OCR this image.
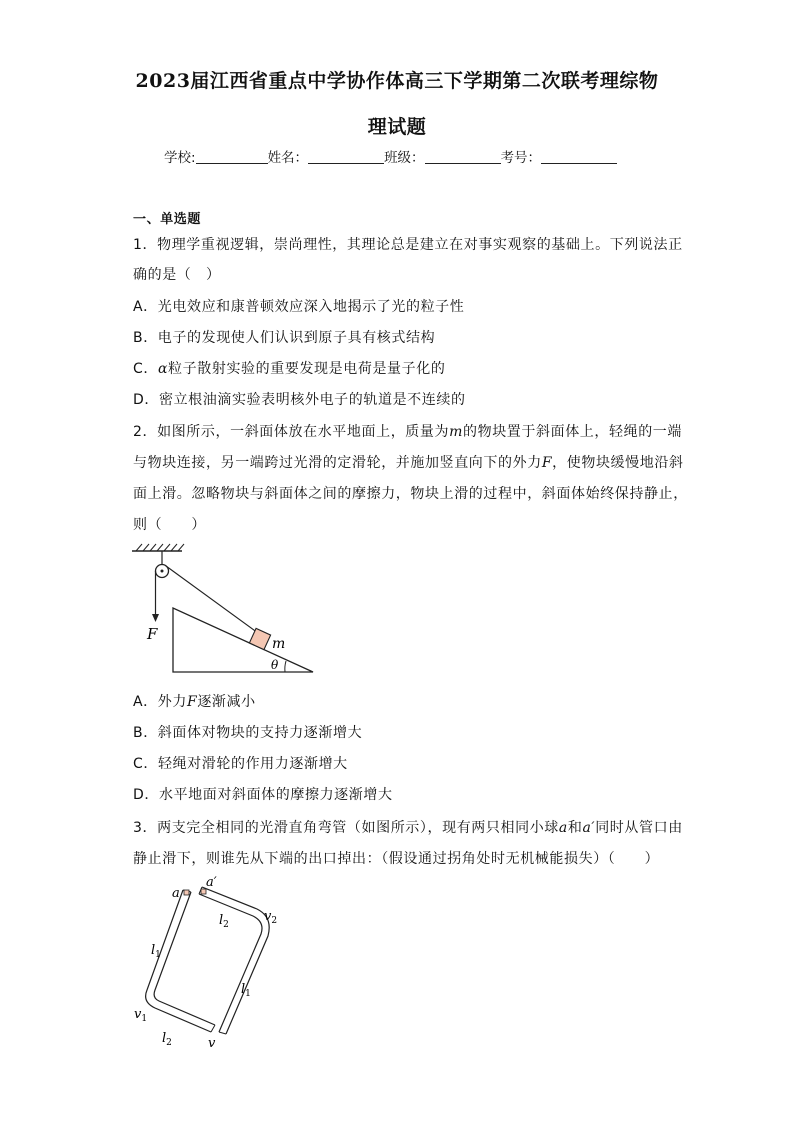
2023届江西省重点中学协作体高三下学期第二次联考理综物
理试题
学校:	姓名：	班级：	考号：
一、单选题
1．物理学重视逻辑，崇尚理性，其理论总是建立在对事实观察的基础上。下列说法正
确的是（　）
A．光电效应和康普顿效应深入地揭示了光的粒子性
B．电子的发现使人们认识到原子具有核式结构
C．α粒子散射实验的重要发现是电荷是量子化的
D．密立根油滴实验表明核外电子的轨道是不连续的
2．如图所示，一斜面体放在水平地面上，质量为m的物块置于斜面体上，轻绳的一端
与物块连接，另一端跨过光滑的定滑轮，并施加竖直向下的外力F，使物块缓慢地沿斜
面上滑。忽略物块与斜面体之间的摩擦力，物块上滑的过程中，斜面体始终保持静止，
则（　　）
F
m
θ
A．外力F逐渐减小
B．斜面体对物块的支持力逐渐增大
C．轻绳对滑轮的作用力逐渐增大
D．水平地面对斜面体的摩擦力逐渐增大
3．两支完全相同的光滑直角弯管（如图所示），现有两只相同小球a和a′同时从管口由
静止滑下，则谁先从下端的出口掉出：（假设通过拐角处时无机械能损失）（　　）
a
a′
$l_2$
$v_2$
$l_1$
$l_1$
$v_1$
$l_2$	v
